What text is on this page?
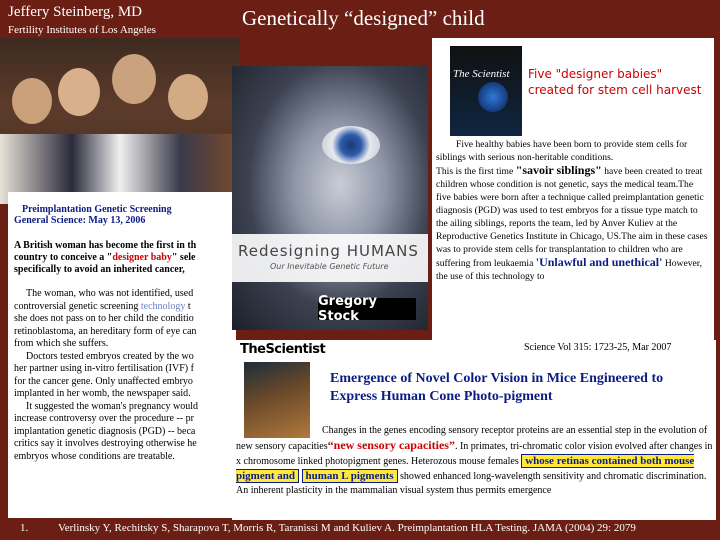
Jeffery Steinberg, MD
Fertility Institutes of Los Angeles	Genetically “designed” child
Preimplantation Genetic Screening
General Science: May 13, 2006
A British woman has become the first in th
country to conceive a "designer baby" sele
specifically to avoid an inherited cancer,
The woman, who was not identified, used
controversial genetic screening technology t
she does not pass on to her child the conditio
retinoblastoma, an hereditary form of eye can
from which she suffers.
Doctors tested embryos created by the wo
her partner using in-vitro fertilisation (IVF) f
for the cancer gene. Only unaffected embryo
implanted in her womb, the newspaper said.
It suggested the woman's pregnancy would
increase controversy over the procedure -- pr
implantation genetic diagnosis (PGD) -- beca
critics say it involves destroying otherwise he
embryos whose conditions are treatable.
Redesigning HUMANS
Our Inevitable Genetic Future
Gregory Stock
The Scientist Five "designer babies" created for stem cell harvest
Five healthy babies have been born to provide stem cells for siblings with serious non-heritable conditions.
This is the first time "savoir siblings" have been created to treat children whose condition is not genetic, says the medical team.The five babies were born after a technique called preimplantation genetic diagnosis (PGD) was used to test embryos for a tissue type match to the ailing siblings, reports the team, led by Anver Kuliev at the Reproductive Genetics Institute in Chicago, US.The aim in these cases was to provide stem cells for transplantation to children who are suffering from leukaemia 'Unlawful and unethical' However, the use of this technology to
TheScientist	Science Vol 315: 1723-25, Mar 2007
Emergence of Novel Color Vision in Mice Engineered to Express Human Cone Photo-pigment
Changes in the genes encoding sensory receptor proteins are an essential step in the evolution of new sensory capacities“new sensory capacities”. In primates, tri-chromatic color vision evolved after changes in x chromosome linked photopigment genes. Heterozous mouse females whose retinas contained both mouse pigment and human L pigments showed enhanced long-wavelength sensitivity and chromatic discrimination. An inherent plasticity in the mammalian visual system thus permits emergence
1.	Verlinsky Y, Rechitsky S, Sharapova T, Morris R, Taranissi M and Kuliev A. Preimplantation HLA Testing. JAMA (2004) 29: 2079
